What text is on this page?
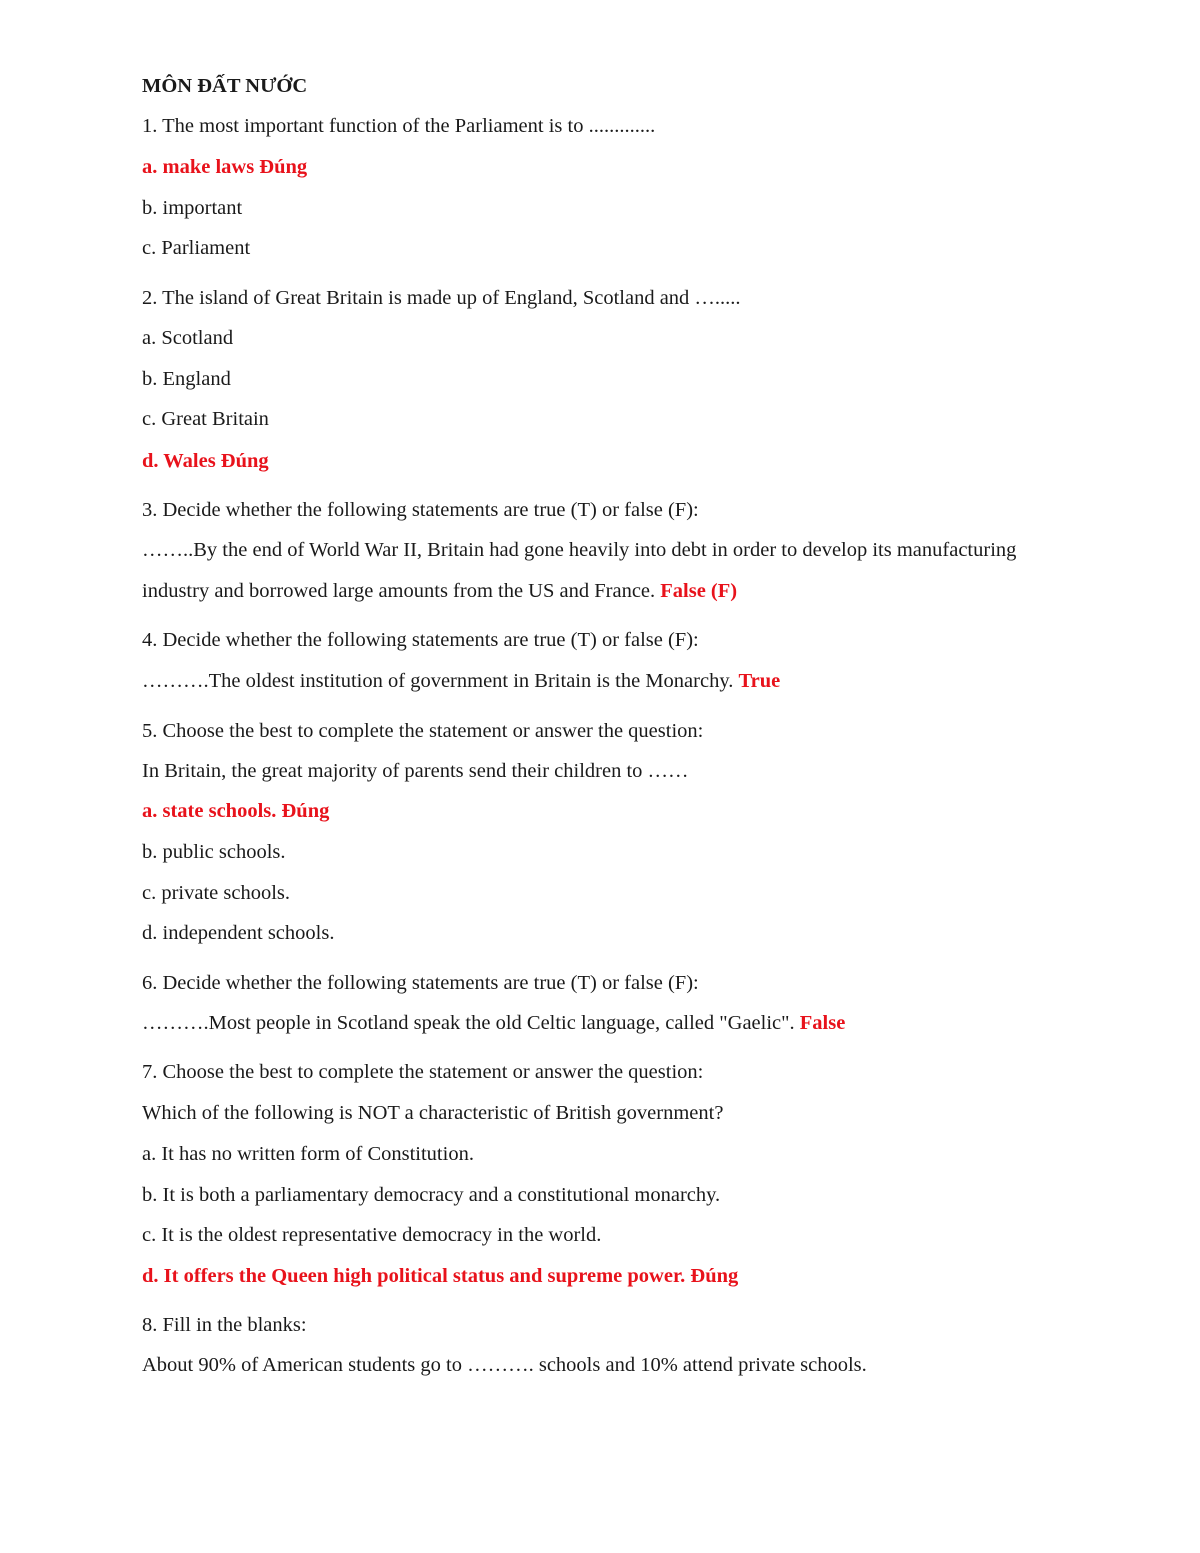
MÔN ĐẤT NƯỚC

1. The most important function of the Parliament is to .............

a. make laws Đúng

b. important

c. Parliament

2. The island of Great Britain is made up of England, Scotland and ….....

a. Scotland

b. England

c. Great Britain

d. Wales Đúng

3. Decide whether the following statements are true (T) or false (F):

……..By the end of World War II, Britain had gone heavily into debt in order to develop its manufacturing

industry and borrowed large amounts from the US and France. False (F)

4. Decide whether the following statements are true (T) or false (F):

……….The oldest institution of government in Britain is the Monarchy. True

5. Choose the best to complete the statement or answer the question:

In Britain, the great majority of parents send their children to ……

a. state schools. Đúng

b. public schools.

c. private schools.

d. independent schools.

6. Decide whether the following statements are true (T) or false (F):

……….Most people in Scotland speak the old Celtic language, called "Gaelic". False

7. Choose the best to complete the statement or answer the question:

Which of the following is NOT a characteristic of British government?

a. It has no written form of Constitution.

b. It is both a parliamentary democracy and a constitutional monarchy.

c. It is the oldest representative democracy in the world.

d. It offers the Queen high political status and supreme power. Đúng

8. Fill in the blanks:

About 90% of American students go to ………. schools and 10% attend private schools.
